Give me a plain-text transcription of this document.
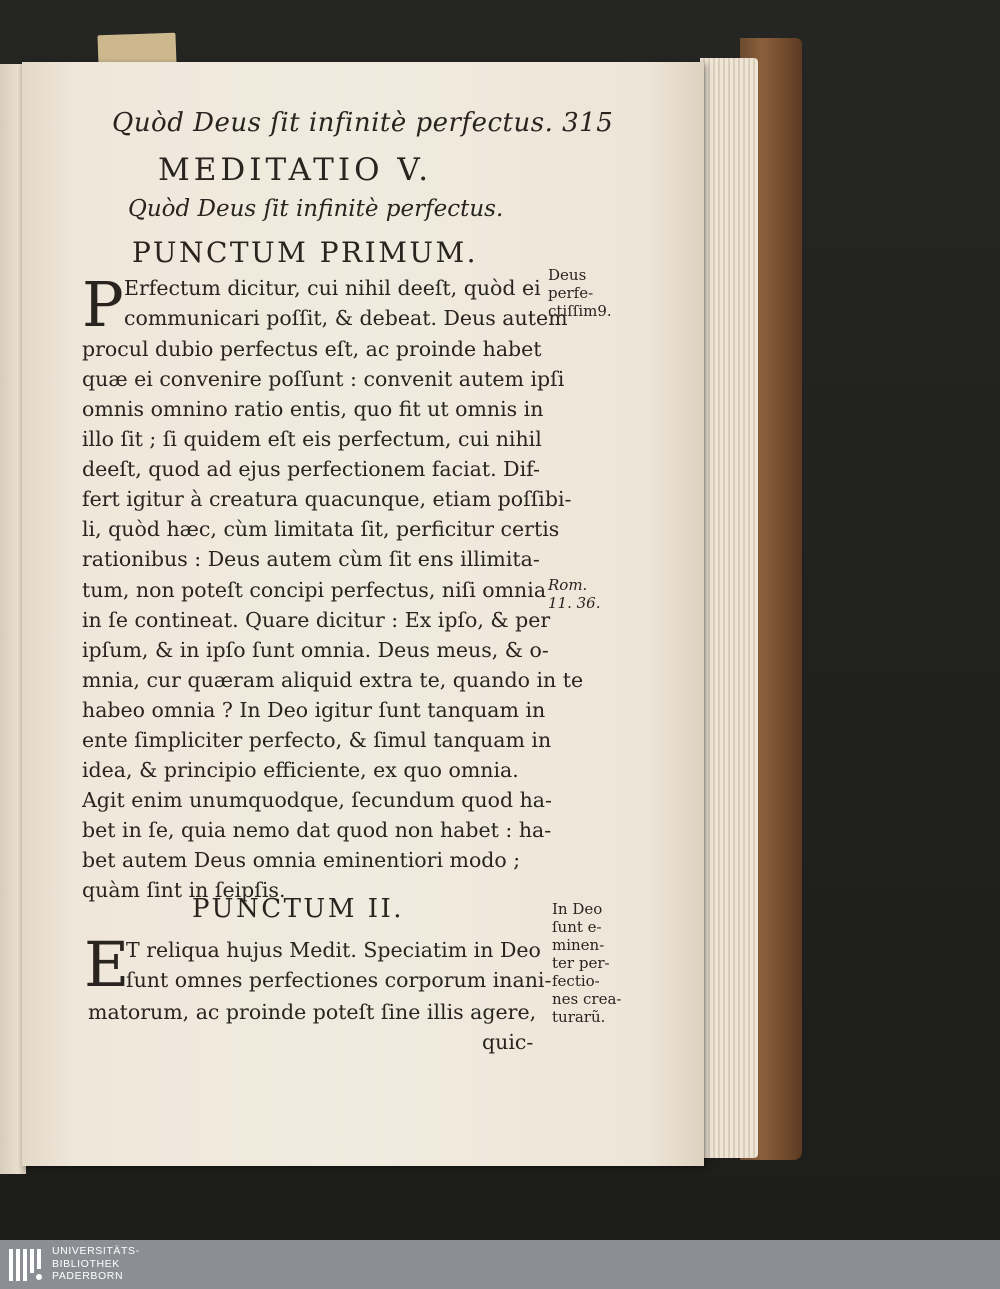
Quòd Deus ſit infinitè perfectus. 315
MEDITATIO V.
Quòd Deus ſit infinitè perfectus.
PUNCTUM PRIMUM.
P Erfectum dicitur, cui nihil deeſt, quòd ei
communicari poſſit, & debeat. Deus autem
procul dubio perfectus eſt, ac proinde habet
quæ ei convenire poſſunt : convenit autem ipſi
omnis omnino ratio entis, quo fit ut omnis in
illo ſit ; ſi quidem eſt eis perfectum, cui nihil
deeſt, quod ad ejus perfectionem faciat. Dif-
fert igitur à creatura quacunque, etiam poſſibi-
li, quòd hæc, cùm limitata ſit, perficitur certis
rationibus : Deus autem cùm ſit ens illimita-
tum, non poteſt concipi perfectus, niſi omnia
in ſe contineat. Quare dicitur : Ex ipſo, & per
ipſum, & in ipſo ſunt omnia. Deus meus, & o-
mnia, cur quæram aliquid extra te, quando in te
habeo omnia ? In Deo igitur ſunt tanquam in
ente ſimpliciter perfecto, & ſimul tanquam in
idea, & principio efficiente, ex quo omnia.
Agit enim unumquodque, ſecundum quod ha-
bet in ſe, quia nemo dat quod non habet : ha-
bet autem Deus omnia eminentiori modo ;
quàm ſint in ſeipſis.
PUNCTUM II.
E
T reliqua hujus Medit. Speciatim in Deo
ſunt omnes perfectiones corporum inani-
matorum, ac proinde poteſt ſine illis agere,
quic-
Deus
perfe-
ctiſſim9.
Rom.
11. 36.
In Deo
ſunt e-
minen-
ter per-
fectio-
nes crea-
turarũ.
UNIVERSITÄTS-
BIBLIOTHEK
PADERBORN
